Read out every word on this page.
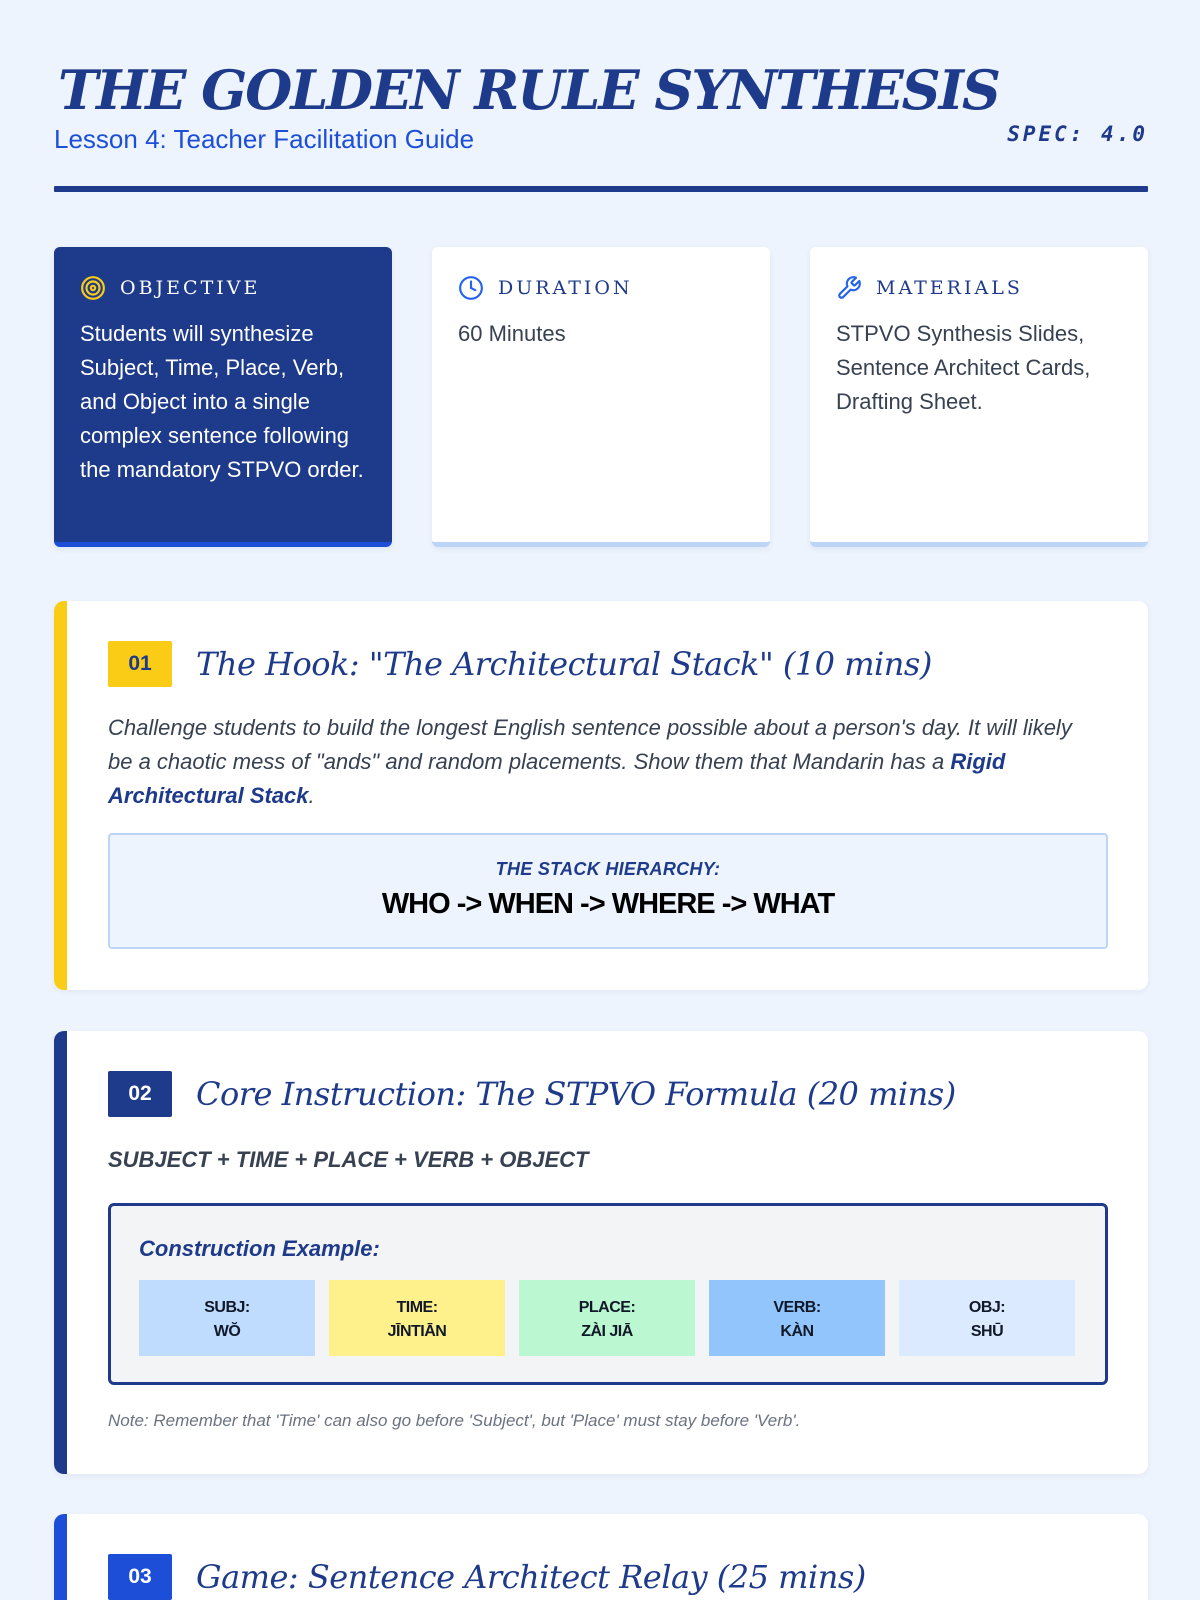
THE GOLDEN RULE SYNTHESIS
Lesson 4: Teacher Facilitation Guide	SPEC: 4.0
OBJECTIVE
Students will synthesize Subject, Time, Place, Verb, and Object into a single complex sentence following the mandatory STPVO order.
DURATION
60 Minutes
MATERIALS
STPVO Synthesis Slides, Sentence Architect Cards, Drafting Sheet.
01	The Hook: "The Architectural Stack" (10 mins)
Challenge students to build the longest English sentence possible about a person's day. It will likely be a chaotic mess of "ands" and random placements. Show them that Mandarin has a Rigid Architectural Stack.
THE STACK HIERARCHY:
WHO -> WHEN -> WHERE -> WHAT
02	Core Instruction: The STPVO Formula (20 mins)
SUBJECT + TIME + PLACE + VERB + OBJECT
Construction Example:
SUBJ:
WŎ
TIME:
JĪNTIĀN
PLACE:
ZÀI JIĀ
VERB:
KÀN
OBJ:
SHŪ
Note: Remember that 'Time' can also go before 'Subject', but 'Place' must stay before 'Verb'.
03	Game: Sentence Architect Relay (25 mins)
